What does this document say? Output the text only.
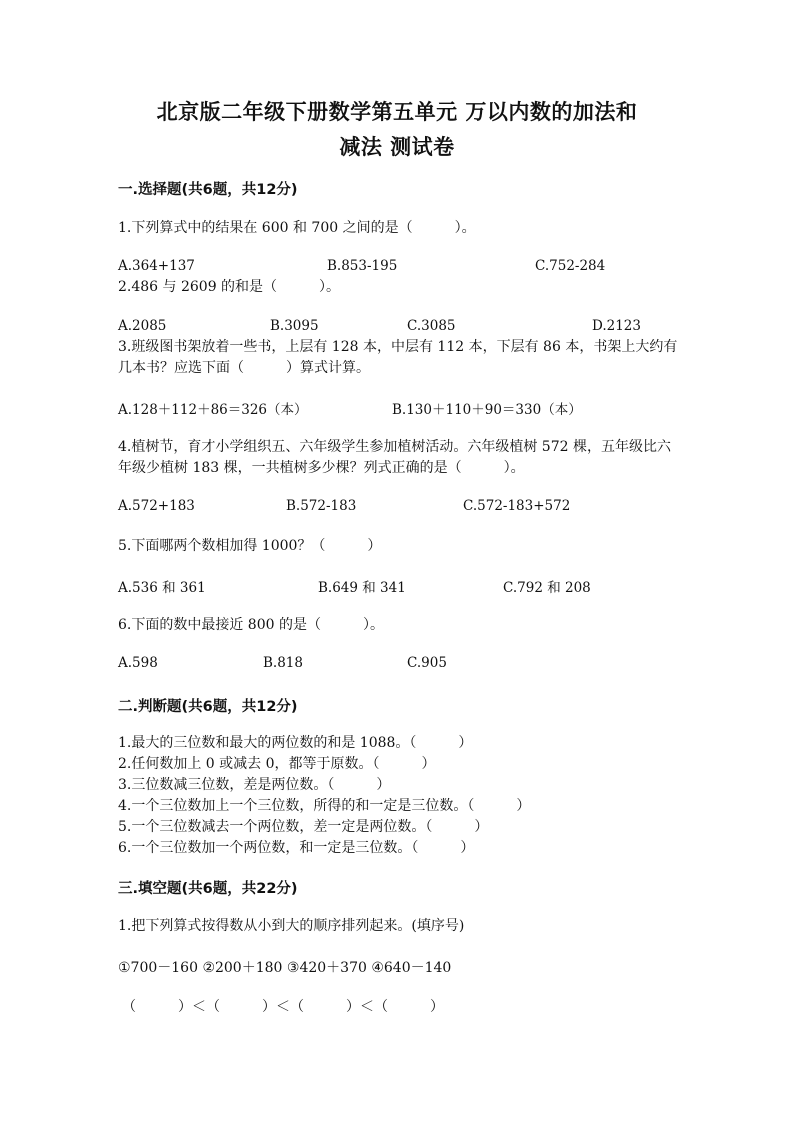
北京版二年级下册数学第五单元 万以内数的加法和
减法 测试卷
一.选择题(共6题，共12分)
1.下列算式中的结果在 600 和 700 之间的是（　　　）。
A.364+137	B.853-195	C.752-284
2.486 与 2609 的和是（　　　）。
A.2085	B.3095	C.3085	D.2123
3.班级图书架放着一些书，上层有 128 本，中层有 112 本，下层有 86 本，书架上大约有几本书？应选下面（　　　）算式计算。
A.128＋112＋86＝326（本）	B.130＋110＋90＝330（本）
4.植树节，育才小学组织五、六年级学生参加植树活动。六年级植树 572 棵，五年级比六年级少植树 183 棵，一共植树多少棵？列式正确的是（　　　）。
A.572+183	B.572-183	C.572-183+572
5.下面哪两个数相加得 1000？（　　　）
A.536 和 361	B.649 和 341	C.792 和 208
6.下面的数中最接近 800 的是（　　　）。
A.598	B.818	C.905
二.判断题(共6题，共12分)
1.最大的三位数和最大的两位数的和是 1088。（　　　）
2.任何数加上 0 或减去 0，都等于原数。（　　　）
3.三位数减三位数，差是两位数。（　　　）
4.一个三位数加上一个三位数，所得的和一定是三位数。（　　　）
5.一个三位数减去一个两位数，差一定是两位数。（　　　）
6.一个三位数加一个两位数，和一定是三位数。（　　　）
三.填空题(共6题，共22分)
1.把下列算式按得数从小到大的顺序排列起来。(填序号)
①700－160 ②200＋180 ③420＋370 ④640－140
（　　　）＜（　　　）＜（　　　）＜（　　　）
